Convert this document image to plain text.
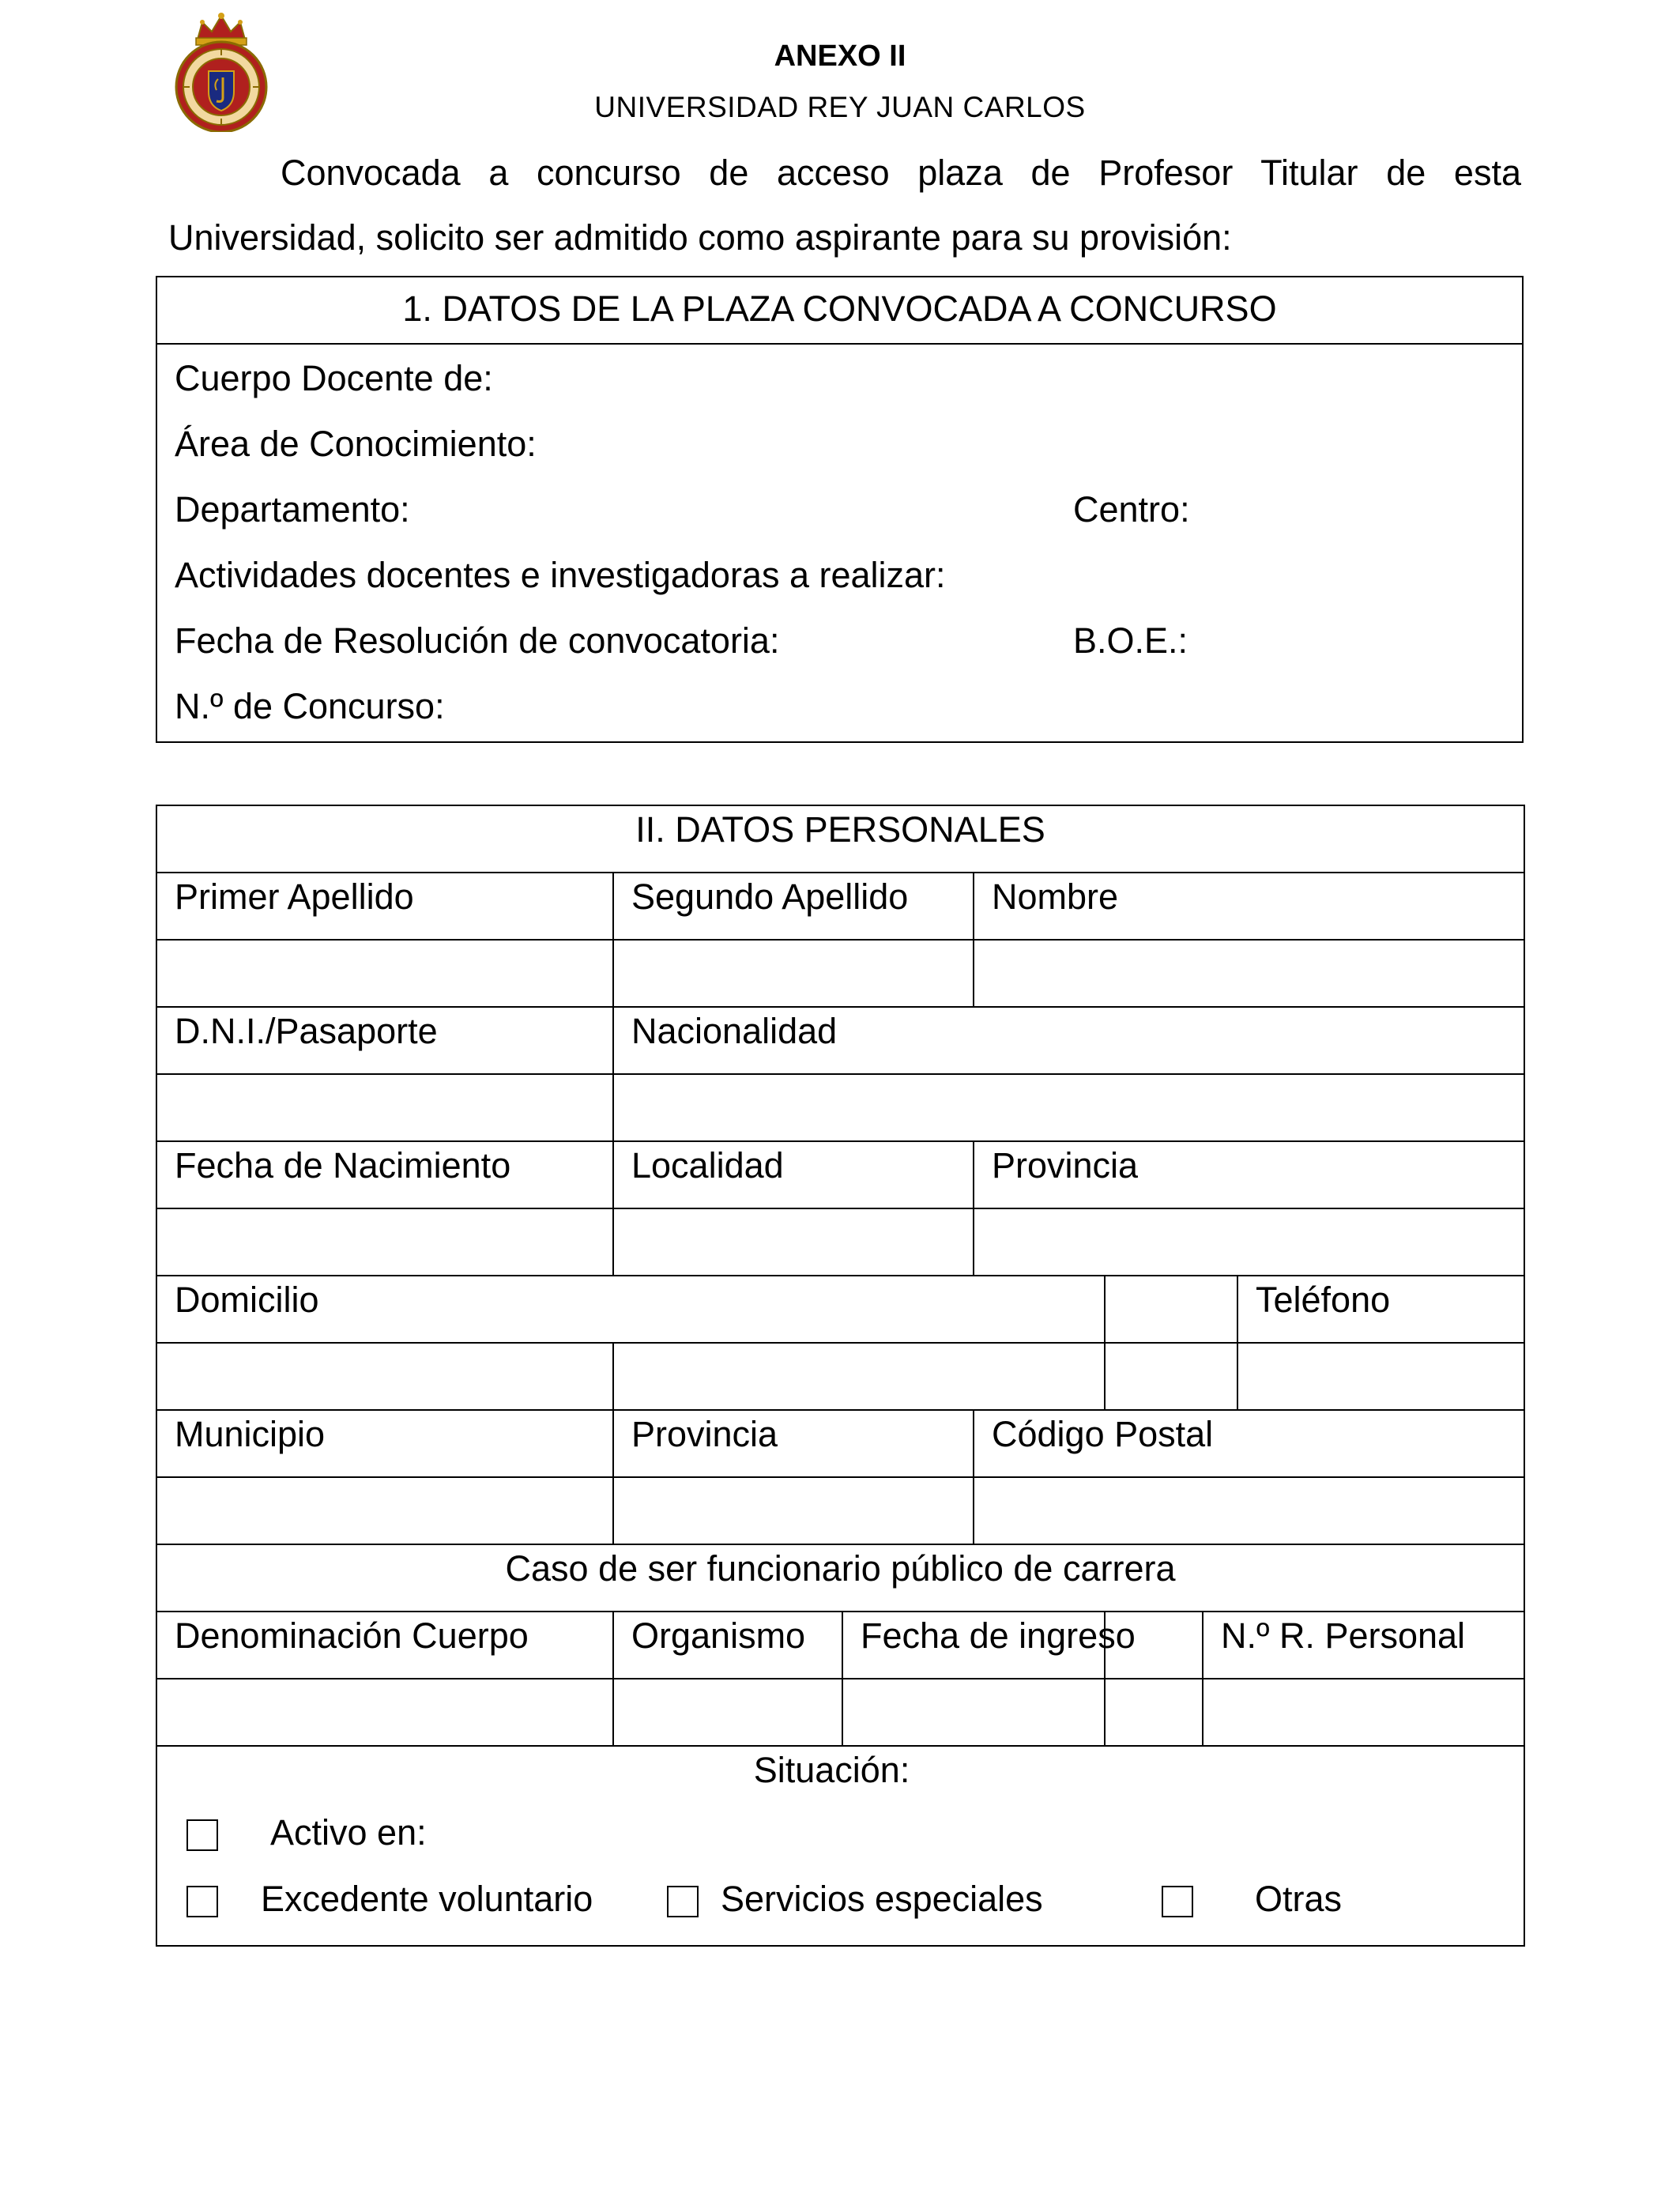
ANEXO II
UNIVERSIDAD REY JUAN CARLOS

Convocada a concurso de acceso plaza de Profesor Titular de esta Universidad, solicito ser admitido como aspirante para su provisión:

1. DATOS DE LA PLAZA CONVOCADA A CONCURSO

Cuerpo Docente de:
Área de Conocimiento:
Departamento:	Centro:
Actividades docentes e investigadoras a realizar:
Fecha de Resolución de convocatoria:	B.O.E.:
N.º de Concurso:
II. DATOS PERSONALES				
Primer Apellido	Segundo Apellido		Nombre	

D.N.I./Pasaporte	Nacionalidad			

Fecha de Nacimiento	Localidad		Provincia	

Domicilio				Teléfono

Municipio	Provincia		Código Postal	

Caso de ser funcionario público de carrera				
Denominación Cuerpo	Organismo	Fecha de ingreso		N.º R. Personal

Situación:
Activo en:
Excedente voluntario Servicios especiales Otras				
